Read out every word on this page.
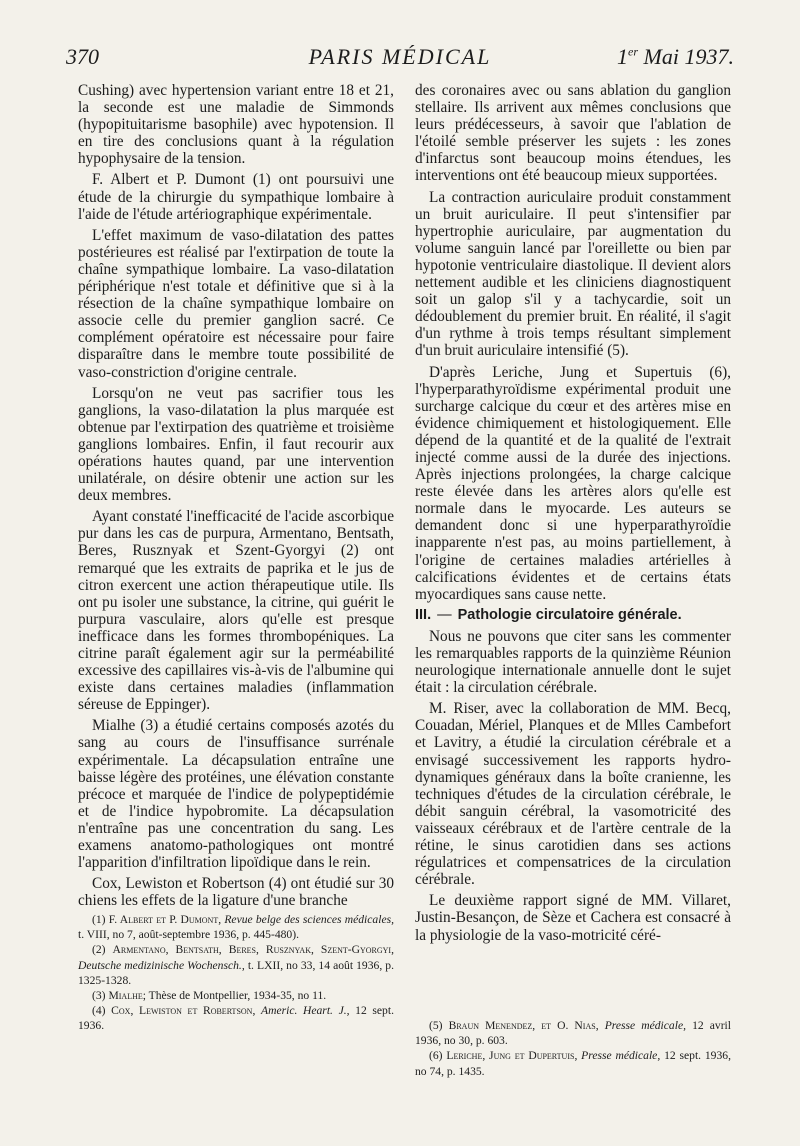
370	PARIS MÉDICAL	1er Mai 1937.

Cushing) avec hypertension variant entre 18 et 21, la seconde est une maladie de Simmonds (hypopituitarisme basophile) avec hypotension. Il en tire des conclusions quant à la régulation hypophysaire de la tension.

F. Albert et P. Dumont (1) ont poursuivi une étude de la chirurgie du sympathique lombaire à l'aide de l'étude artériographique expérimentale.

L'effet maximum de vaso-dilatation des pattes postérieures est réalisé par l'extirpation de toute la chaîne sympathique lombaire. La vaso-dilatation périphérique n'est totale et définitive que si à la résection de la chaîne sympathique lombaire on associe celle du premier ganglion sacré. Ce complément opératoire est nécessaire pour faire disparaître dans le membre toute possibilité de vaso-constriction d'origine centrale.

Lorsqu'on ne veut pas sacrifier tous les ganglions, la vaso-dilatation la plus marquée est obtenue par l'extirpation des quatrième et troisième ganglions lombaires. Enfin, il faut recourir aux opérations hautes quand, par une intervention unilatérale, on désire obtenir une action sur les deux membres.

Ayant constaté l'inefficacité de l'acide ascorbique pur dans les cas de purpura, Armentano, Bentsath, Beres, Rusznyak et Szent-Gyorgyi (2) ont remarqué que les extraits de paprika et le jus de citron exercent une action thérapeutique utile. Ils ont pu isoler une substance, la citrine, qui guérit le purpura vasculaire, alors qu'elle est presque inefficace dans les formes thrombopéniques. La citrine paraît également agir sur la perméabilité excessive des capillaires vis-à-vis de l'albumine qui existe dans certaines maladies (inflammation séreuse de Eppinger).

Mialhe (3) a étudié certains composés azotés du sang au cours de l'insuffisance surrénale expérimentale. La décapsulation entraîne une baisse légère des protéines, une élévation constante précoce et marquée de l'indice de polypeptidémie et de l'indice hypobromite. La décapsulation n'entraîne pas une concentration du sang. Les examens anatomo-pathologiques ont montré l'apparition d'infiltration lipoïdique dans le rein.

Cox, Lewiston et Robertson (4) ont étudié sur 30 chiens les effets de la ligature d'une branche

des coronaires avec ou sans ablation du ganglion stellaire. Ils arrivent aux mêmes conclusions que leurs prédécesseurs, à savoir que l'ablation de l'étoilé semble préserver les sujets : les zones d'infarctus sont beaucoup moins étendues, les interventions ont été beaucoup mieux supportées.

La contraction auriculaire produit constamment un bruit auriculaire. Il peut s'intensifier par hypertrophie auriculaire, par augmentation du volume sanguin lancé par l'oreillette ou bien par hypotonie ventriculaire diastolique. Il devient alors nettement audible et les cliniciens diagnostiquent soit un galop s'il y a tachycardie, soit un dédoublement du premier bruit. En réalité, il s'agit d'un rythme à trois temps résultant simplement d'un bruit auriculaire intensifié (5).

D'après Leriche, Jung et Supertuis (6), l'hyperparathyroïdisme expérimental produit une surcharge calcique du cœur et des artères mise en évidence chimiquement et histologiquement. Elle dépend de la quantité et de la qualité de l'extrait injecté comme aussi de la durée des injections. Après injections prolongées, la charge calcique reste élevée dans les artères alors qu'elle est normale dans le myocarde. Les auteurs se demandent donc si une hyperparathyroïdie inapparente n'est pas, au moins partiellement, à l'origine de certaines maladies artérielles à calcifications évidentes et de certains états myocardiques sans cause nette.

III. — Pathologie circulatoire générale.

Nous ne pouvons que citer sans les commenter les remarquables rapports de la quinzième Réunion neurologique internationale annuelle dont le sujet était : la circulation cérébrale.

M. Riser, avec la collaboration de MM. Becq, Couadan, Mériel, Planques et de Mlles Cambefort et Lavitry, a étudié la circulation cérébrale et a envisagé successivement les rapports hydro-dynamiques généraux dans la boîte cranienne, les techniques d'études de la circulation cérébrale, le débit sanguin cérébral, la vasomotricité des vaisseaux cérébraux et de l'artère centrale de la rétine, le sinus carotidien dans ses actions régulatrices et compensatrices de la circulation cérébrale.

Le deuxième rapport signé de MM. Villaret, Justin-Besançon, de Sèze et Cachera est consacré à la physiologie de la vaso-motricité céré-

(1) F. Albert et P. Dumont, Revue belge des sciences médicales, t. VIII, no 7, août-septembre 1936, p. 445-480).

(2) Armentano, Bentsath, Beres, Rusznyak, Szent-Gyorgyi, Deutsche medizinische Wochensch., t. LXII, no 33, 14 août 1936, p. 1325-1328.

(3) Mialhe; Thèse de Montpellier, 1934-35, no 11.

(4) Cox, Lewiston et Robertson, Americ. Heart. J., 12 sept. 1936.	(5) Braun Menendez, et O. Nias, Presse médicale, 12 avril 1936, no 30, p. 603.

(6) Leriche, Jung et Dupertuis, Presse médicale, 12 sept. 1936, no 74, p. 1435.
